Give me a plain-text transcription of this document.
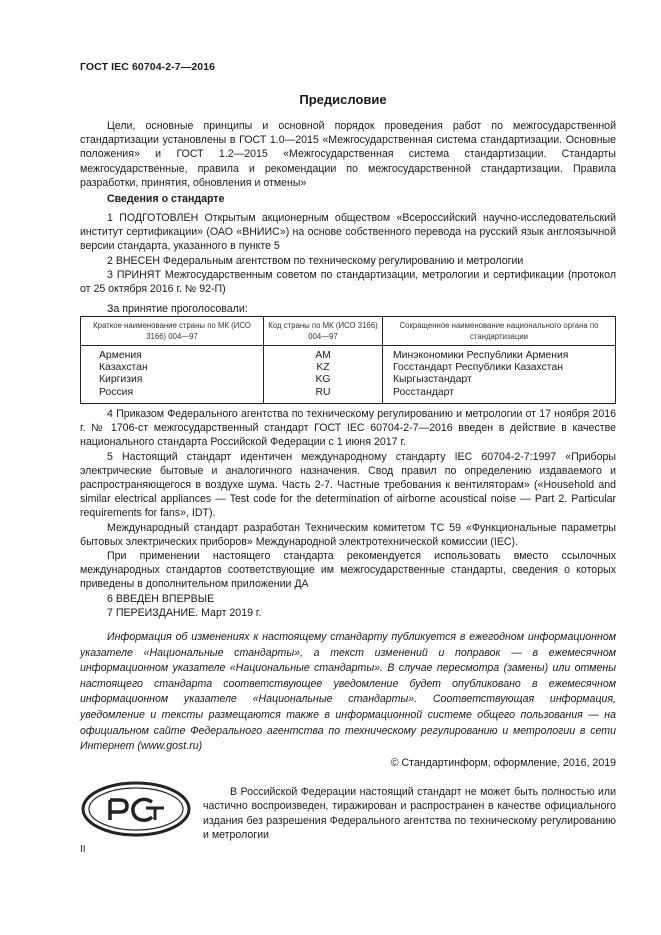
ГОСТ IEC 60704-2-7—2016
Предисловие
Цели, основные принципы и основной порядок проведения работ по межгосударственной стандартизации установлены в ГОСТ 1.0—2015 «Межгосударственная система стандартизации. Основные положения» и ГОСТ 1.2—2015 «Межгосударственная система стандартизации. Стандарты межгосударственные, правила и рекомендации по межгосударственной стандартизации. Правила разработки, принятия, обновления и отмены»
Сведения о стандарте

1 ПОДГОТОВЛЕН Открытым акционерным обществом «Всероссийский научно-исследовательский институт сертификации» (ОАО «ВНИИС») на основе собственного перевода на русский язык англоязычной версии стандарта, указанного в пункте 5

2 ВНЕСЕН Федеральным агентством по техническому регулированию и метрологии

3 ПРИНЯТ Межгосударственным советом по стандартизации, метрологии и сертификации (протокол от 25 октября 2016 г. № 92-П)

За принятие проголосовали:

Краткое наименование страны по МК (ИСО 3166) 004—97	Код страны по МК (ИСО 3166) 004—97	Сокращенное наименование национального органа по стандартизации
Армения	AM	Минэкономики Республики Армения
Казахстан	KZ	Госстандарт Республики Казахстан
Киргизия	KG	Кыргызстандарт
Россия	RU	Росстандарт

4 Приказом Федерального агентства по техническому регулированию и метрологии от 17 ноября 2016 г. № 1706-ст межгосударственный стандарт ГОСТ IEC 60704-2-7—2016 введен в действие в качестве национального стандарта Российской Федерации с 1 июня 2017 г.

5 Настоящий стандарт идентичен международному стандарту IEC 60704-2-7:1997 «Приборы электрические бытовые и аналогичного назначения. Свод правил по определению издаваемого и распространяющегося в воздухе шума. Часть 2-7. Частные требования к вентиляторам» («Household and similar electrical appliances — Test code for the determination of airborne acoustical noise — Part 2. Particular requirements for fans», IDT).

Международный стандарт разработан Техническим комитетом ТС 59 «Функциональные параметры бытовых электрических приборов» Международной электротехнической комиссии (IEC).

При применении настоящего стандарта рекомендуется использовать вместо ссылочных международных стандартов соответствующие им межгосударственные стандарты, сведения о которых приведены в дополнительном приложении ДА

6 ВВЕДЕН ВПЕРВЫЕ

7 ПЕРЕИЗДАНИЕ. Март 2019 г.

Информация об изменениях к настоящему стандарту публикуется в ежегодном информационном указателе «Национальные стандарты», а текст изменений и поправок — в ежемесячном информационном указателе «Национальные стандарты». В случае пересмотра (замены) или отмены настоящего стандарта соответствующее уведомление будет опубликовано в ежемесячном информационном указателе «Национальные стандарты». Соответствующая информация, уведомление и тексты размещаются также в информационной системе общего пользования — на официальном сайте Федерального агентства по техническому регулированию и метрологии в сети Интернет (www.gost.ru)
© Стандартинформ, оформление, 2016, 2019
В Российской Федерации настоящий стандарт не может быть полностью или частично воспроизведен, тиражирован и распространен в качестве официального издания без разрешения Федерального агентства по техническому регулированию и метрологии
II
